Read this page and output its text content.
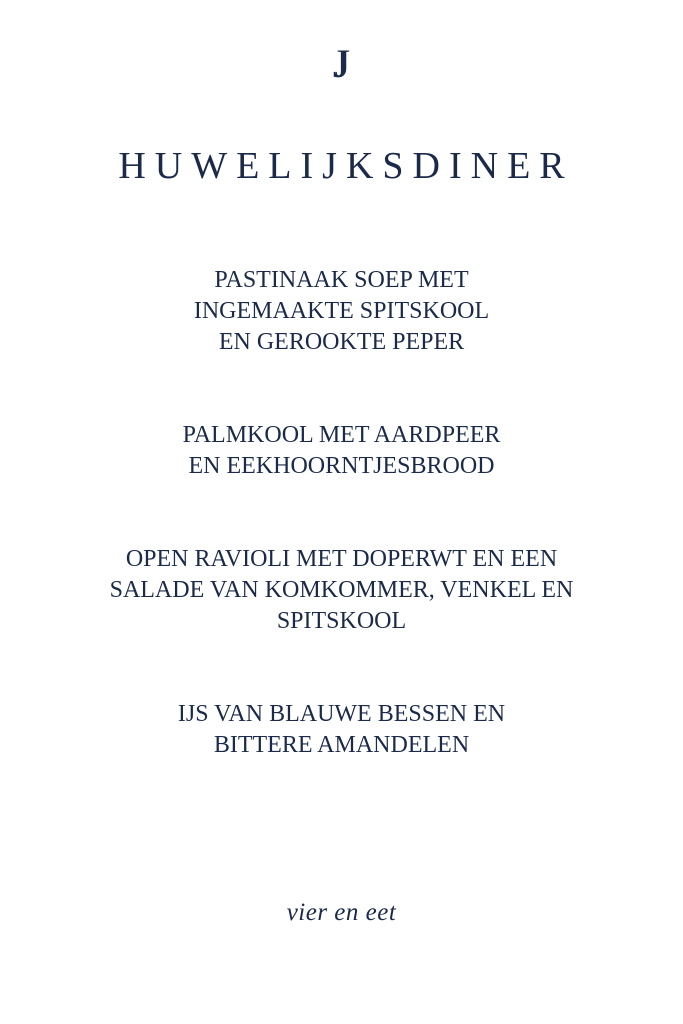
JJ
HUWELIJKSDINER
PASTINAAK SOEP MET
INGEMAAKTE SPITSKOOL
EN GEROOKTE PEPER
PALMKOOL MET AARDPEER
EN EEKHOORNTJESBROOD
OPEN RAVIOLI MET DOPERWT EN EEN
SALADE VAN KOMKOMMER, VENKEL EN
SPITSKOOL
IJS VAN BLAUWE BESSEN EN
BITTERE AMANDELEN
vier en eet
